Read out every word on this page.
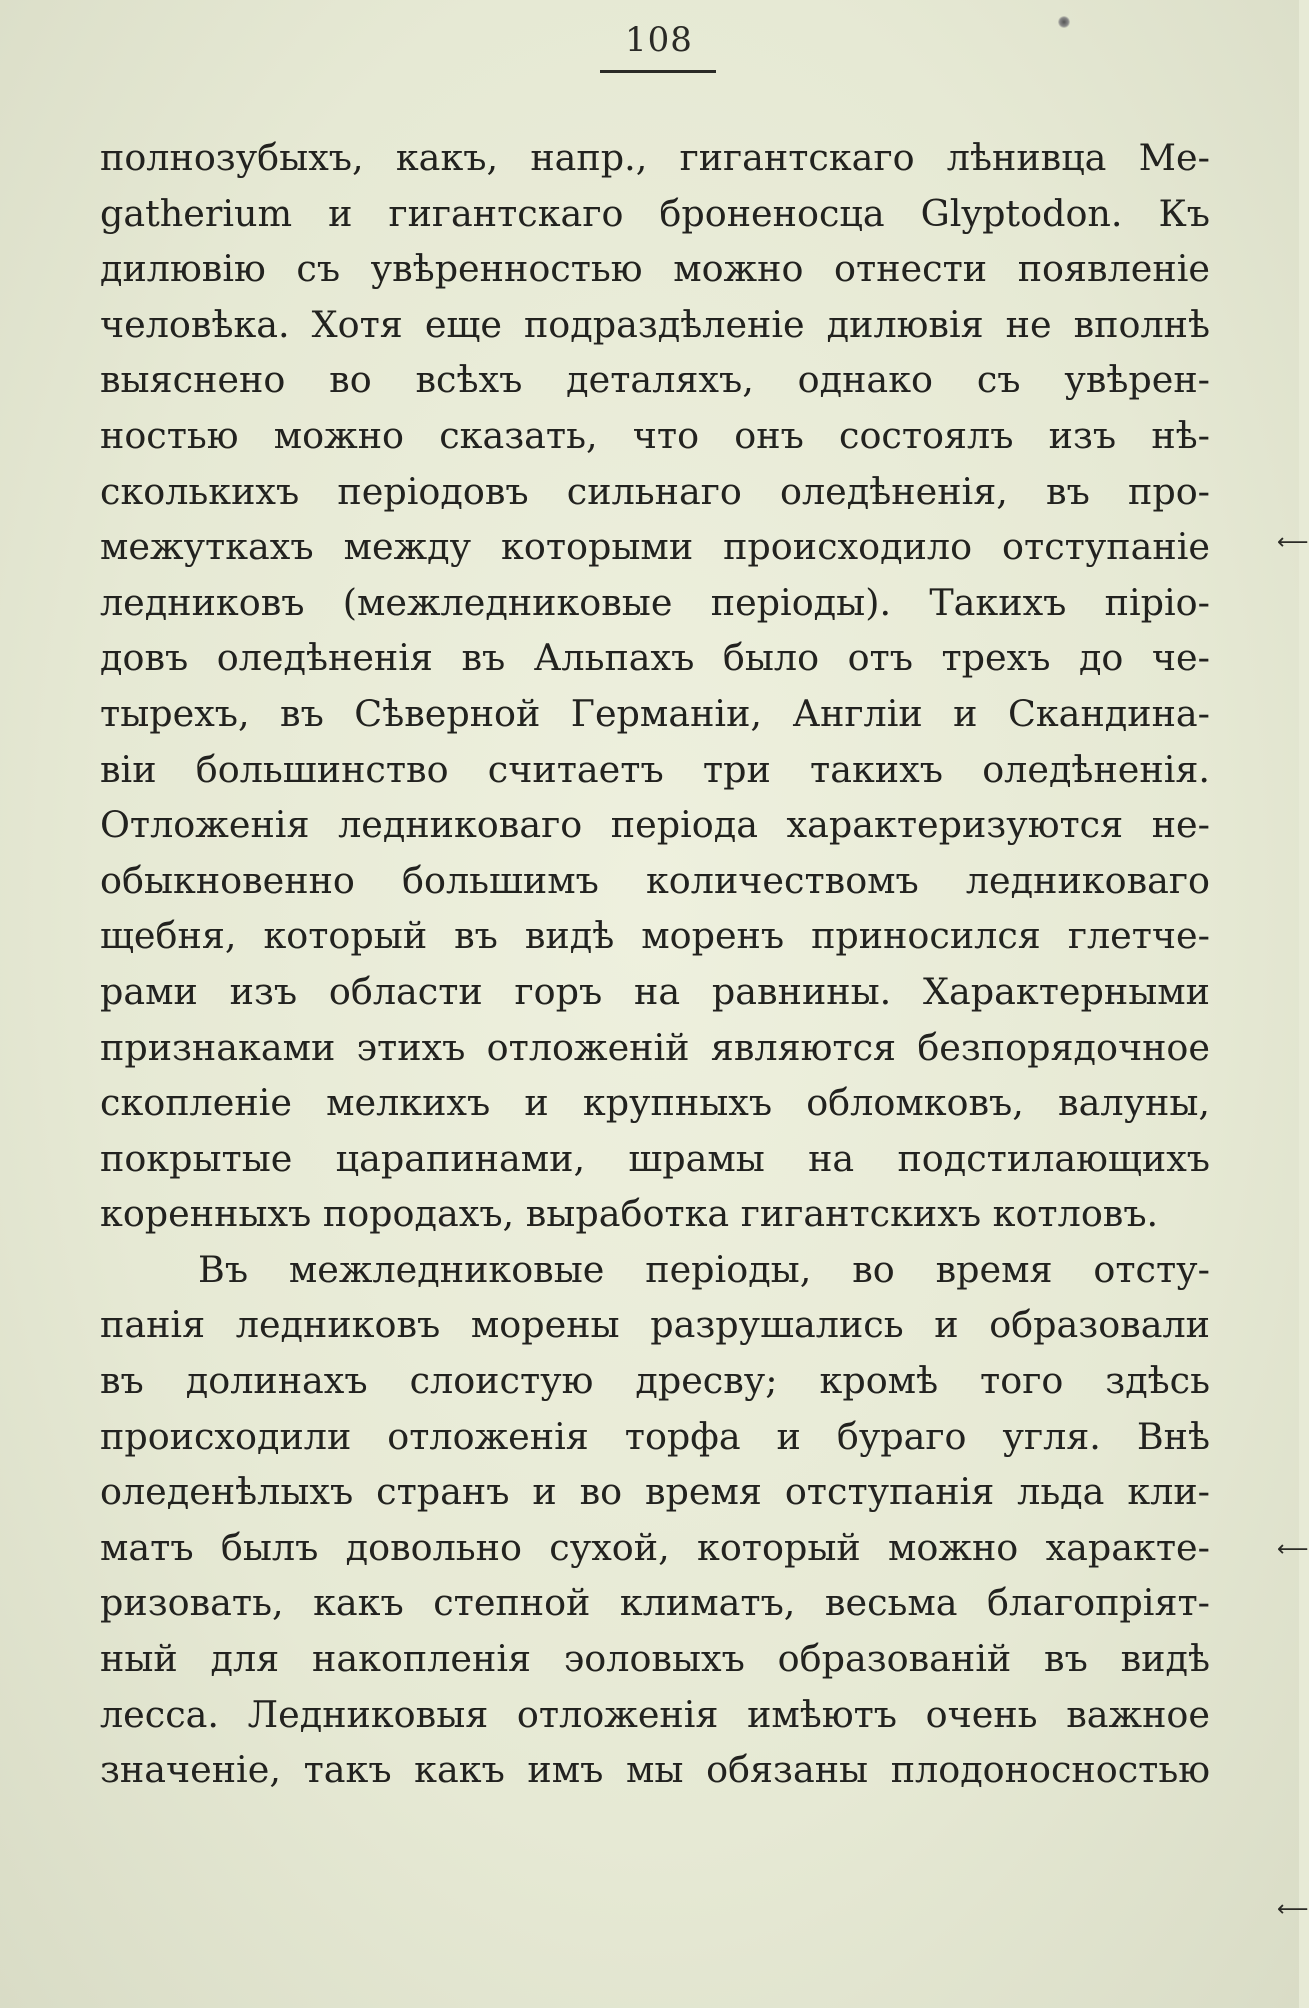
108
полнозубыхъ, какъ, напр., гигантскаго лѣнивца Ме-
gatherium и гигантскаго броненосца Glyptodon. Къ
дилювію съ увѣренностью можно отнести появленіе
человѣка. Хотя еще подраздѣленіе дилювія не вполнѣ
выяснено во всѣхъ деталяхъ, однако съ увѣрен-
ностью можно сказать, что онъ состоялъ изъ нѣ-
сколькихъ періодовъ сильнаго оледѣненія, въ про-
межуткахъ между которыми происходило отступаніе
ледниковъ (межледниковые періоды). Такихъ піріо-
довъ оледѣненія въ Альпахъ было отъ трехъ до че-
тырехъ, въ Сѣверной Германіи, Англіи и Скандина-
віи большинство считаетъ три такихъ оледѣненія.
Отложенія ледниковаго періода характеризуются не-
обыкновенно большимъ количествомъ ледниковаго
щебня, который въ видѣ моренъ приносился глетче-
рами изъ области горъ на равнины. Характерными
признаками этихъ отложеній являются безпорядочное
скопленіе мелкихъ и крупныхъ обломковъ, валуны,
покрытые царапинами, шрамы на подстилающихъ
коренныхъ породахъ, выработка гигантскихъ котловъ.
Въ межледниковые періоды, во время отсту-
панія ледниковъ морены разрушались и образовали
въ долинахъ слоистую дресву; кромѣ того здѣсь
происходили отложенія торфа и бураго угля. Внѣ
оледенѣлыхъ странъ и во время отступанія льда кли-
матъ былъ довольно сухой, который можно характе-
ризовать, какъ степной климатъ, весьма благопріят-
ный для накопленія эоловыхъ образованій въ видѣ
лесса. Ледниковыя отложенія имѣютъ очень важное
значеніе, такъ какъ имъ мы обязаны плодоносностью
⟵
⟵
⟵
